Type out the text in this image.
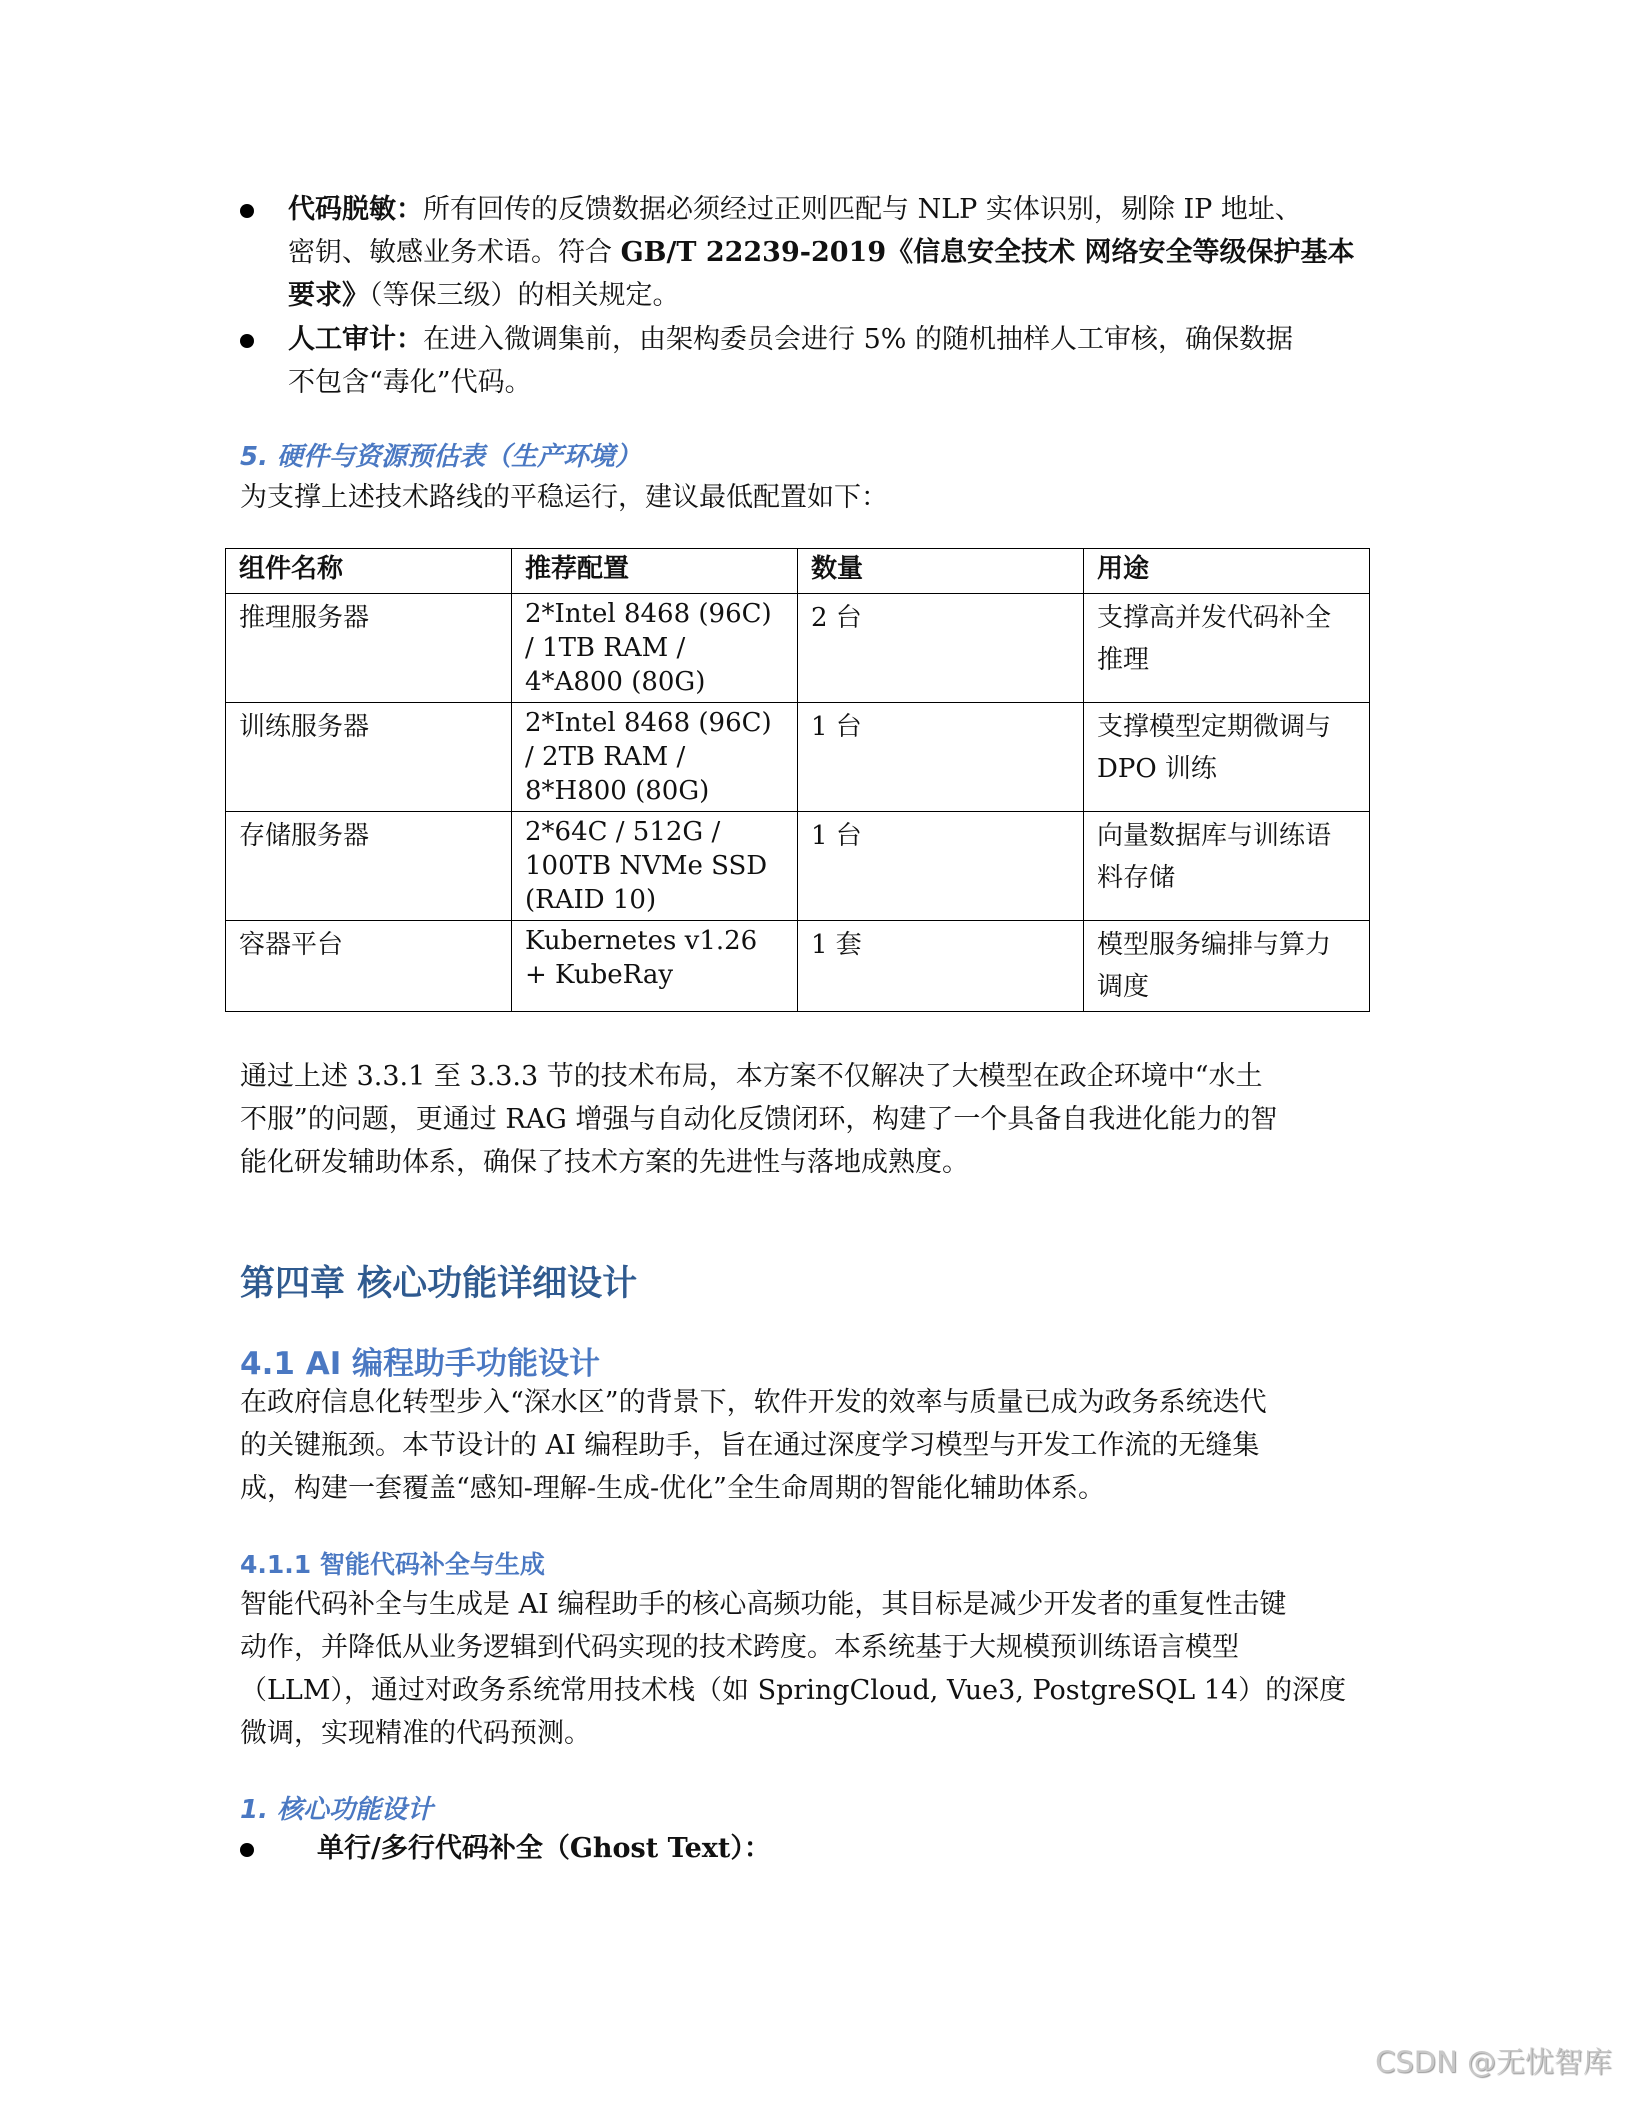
代码脱敏：所有回传的反馈数据必须经过正则匹配与 NLP 实体识别，剔除 IP 地址、
密钥、敏感业务术语。符合 GB/T 22239-2019《信息安全技术 网络安全等级保护基本
要求》（等保三级）的相关规定。
人工审计：在进入微调集前，由架构委员会进行 5% 的随机抽样人工审核，确保数据
不包含“毒化”代码。
5. 硬件与资源预估表（生产环境）
为支撑上述技术路线的平稳运行，建议最低配置如下：
组件名称	推荐配置	数量	用途
推理服务器	2*Intel 8468 (96C) / 1TB RAM / 4*A800 (80G)	2 台	支撑高并发代码补全推理
训练服务器	2*Intel 8468 (96C) / 2TB RAM / 8*H800 (80G)	1 台	支撑模型定期微调与 DPO 训练
存储服务器	2*64C / 512G / 100TB NVMe SSD (RAID 10)	1 台	向量数据库与训练语料存储
容器平台	Kubernetes v1.26 + KubeRay	1 套	模型服务编排与算力调度
通过上述 3.3.1 至 3.3.3 节的技术布局，本方案不仅解决了大模型在政企环境中“水土
不服”的问题，更通过 RAG 增强与自动化反馈闭环，构建了一个具备自我进化能力的智
能化研发辅助体系，确保了技术方案的先进性与落地成熟度。
第四章 核心功能详细设计
4.1 AI 编程助手功能设计
在政府信息化转型步入“深水区”的背景下，软件开发的效率与质量已成为政务系统迭代
的关键瓶颈。本节设计的 AI 编程助手，旨在通过深度学习模型与开发工作流的无缝集
成，构建一套覆盖“感知-理解-生成-优化”全生命周期的智能化辅助体系。
4.1.1 智能代码补全与生成
智能代码补全与生成是 AI 编程助手的核心高频功能，其目标是减少开发者的重复性击键
动作，并降低从业务逻辑到代码实现的技术跨度。本系统基于大规模预训练语言模型
（LLM），通过对政务系统常用技术栈（如 SpringCloud, Vue3, PostgreSQL 14）的深度
微调，实现精准的代码预测。
1. 核心功能设计
单行/多行代码补全（Ghost Text）：
CSDN @无忧智库
